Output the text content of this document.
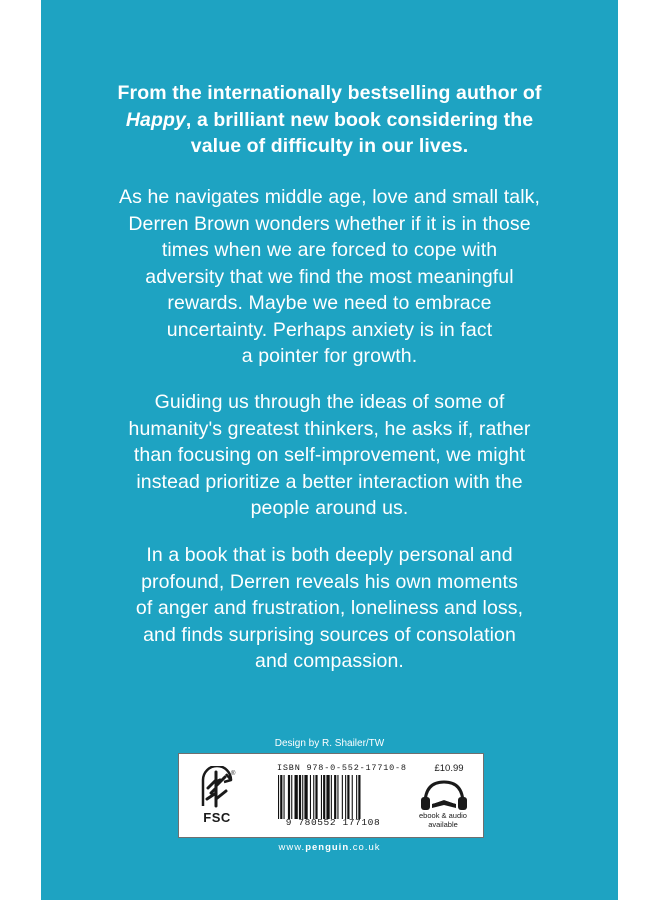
From the internationally bestselling author of

Happy, a brilliant new book considering the

value of difficulty in our lives.

As he navigates middle age, love and small talk,

Derren Brown wonders whether if it is in those

times when we are forced to cope with

adversity that we find the most meaningful

rewards. Maybe we need to embrace

uncertainty. Perhaps anxiety is in fact

a pointer for growth.

Guiding us through the ideas of some of

humanity's greatest thinkers, he asks if, rather

than focusing on self-improvement, we might

instead prioritize a better interaction with the

people around us.

In a book that is both deeply personal and

profound, Derren reveals his own moments

of anger and frustration, loneliness and loss,

and finds surprising sources of consolation

and compassion.

Design by R. Shailer/TW
®
FSC
ISBN 978-0-552-17710-8
9 780552 177108
£10.99
ebook & audio
available
www.penguin.co.uk
